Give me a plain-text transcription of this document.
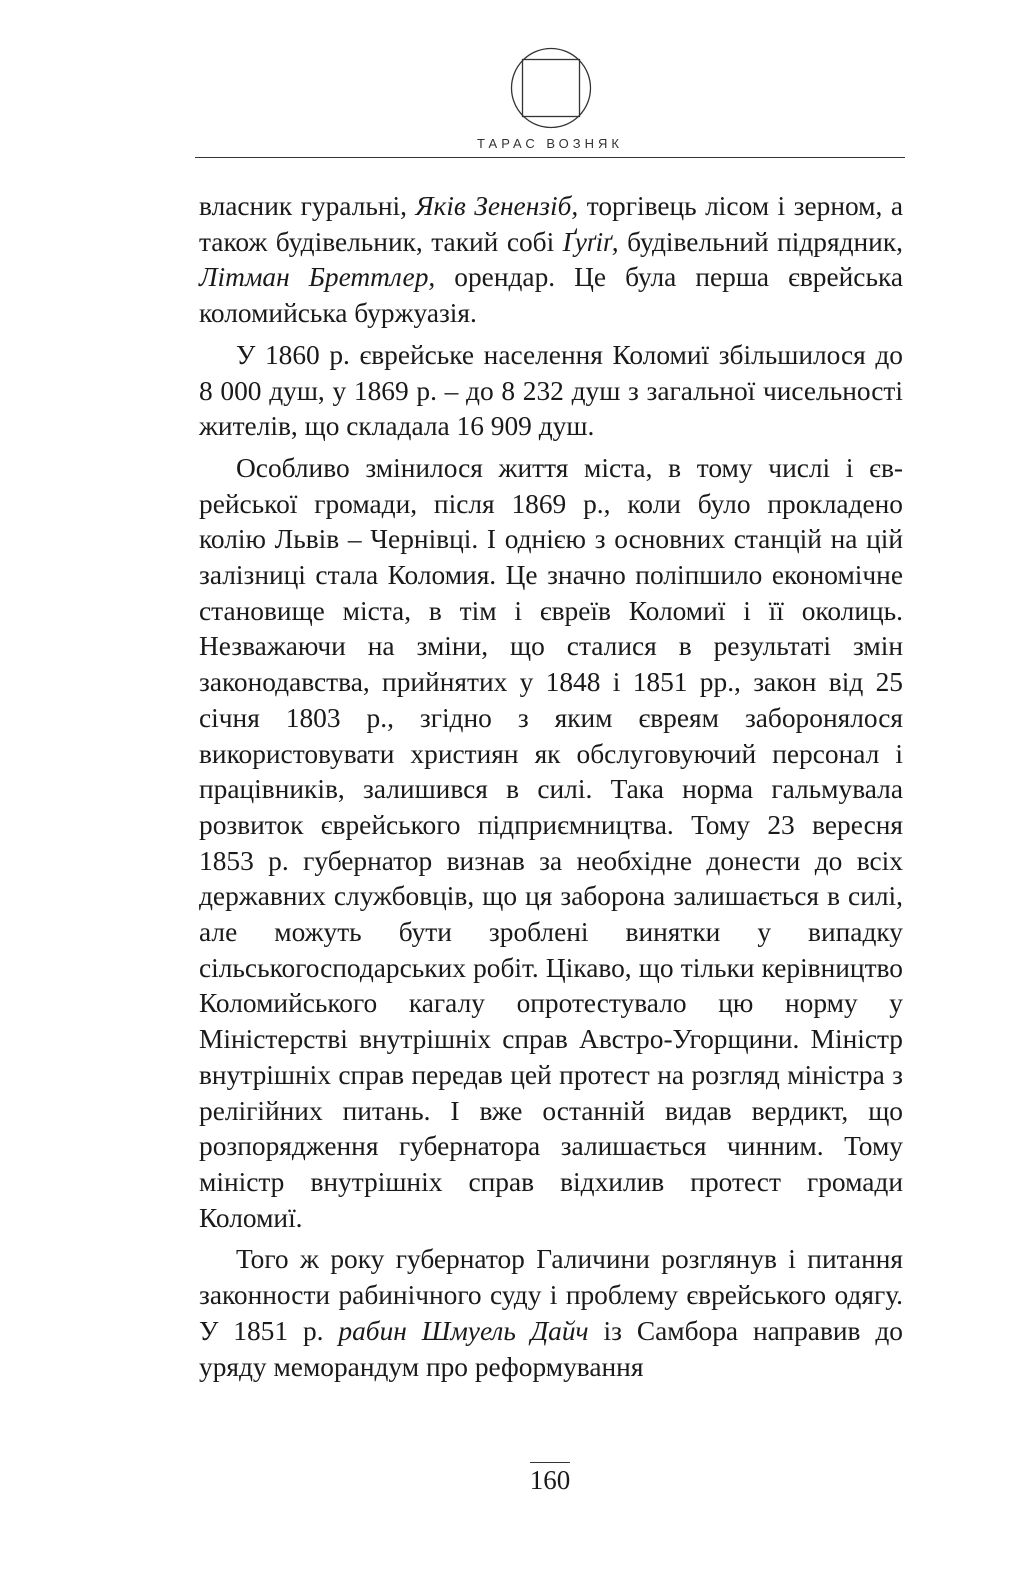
ТАРАС ВОЗНЯК

власник гуральні, Яків Зенензіб, торгівець лісом і зерном, а також будівельник, такий собі Ґуґіґ, будівельний підрядник, Літман Бреттлер, орендар. Це була перша єврейська коломийська буржуазія.

У 1860 р. єврейське населення Коломиї збільшилося до 8 000 душ, у 1869 р. – до 8 232 душ з загальної чисельності жителів, що складала 16 909 душ.

Особливо змінилося життя міста, в тому числі і єврейської громади, після 1869 р., коли було прокладено колію Львів – Чернівці. І однією з основних станцій на цій залізниці стала Коломия. Це значно поліпшило економічне становище міста, в тім і євреїв Коломиї і її околиць. Незважаючи на зміни, що сталися в результаті змін законодавства, прийнятих у 1848 і 1851 рр., закон від 25 січня 1803 р., згідно з яким євреям заборонялося використовувати християн як обслуговуючий персонал і працівників, залишився в силі. Така норма гальмувала розвиток єврейського підприємництва. Тому 23 вересня 1853 р. губернатор визнав за необхідне донести до всіх державних службовців, що ця заборона залишається в силі, але можуть бути зроблені винятки у випадку сільськогосподарських робіт. Цікаво, що тільки керівництво Коломийського кагалу опротестувало цю норму у Міністерстві внутрішніх справ Австро-Угорщини. Міністр внутрішніх справ передав цей протест на розгляд міністра з релігійних питань. І вже останній видав вердикт, що розпорядження губернатора залишається чинним. Тому міністр внутрішніх справ відхилив протест громади Коломиї.

Того ж року губернатор Галичини розглянув і питання законности рабинічного суду і проблему єврейського одягу. У 1851 р. рабин Шмуель Дайч із Самбора направив до уряду меморандум про реформування

160
